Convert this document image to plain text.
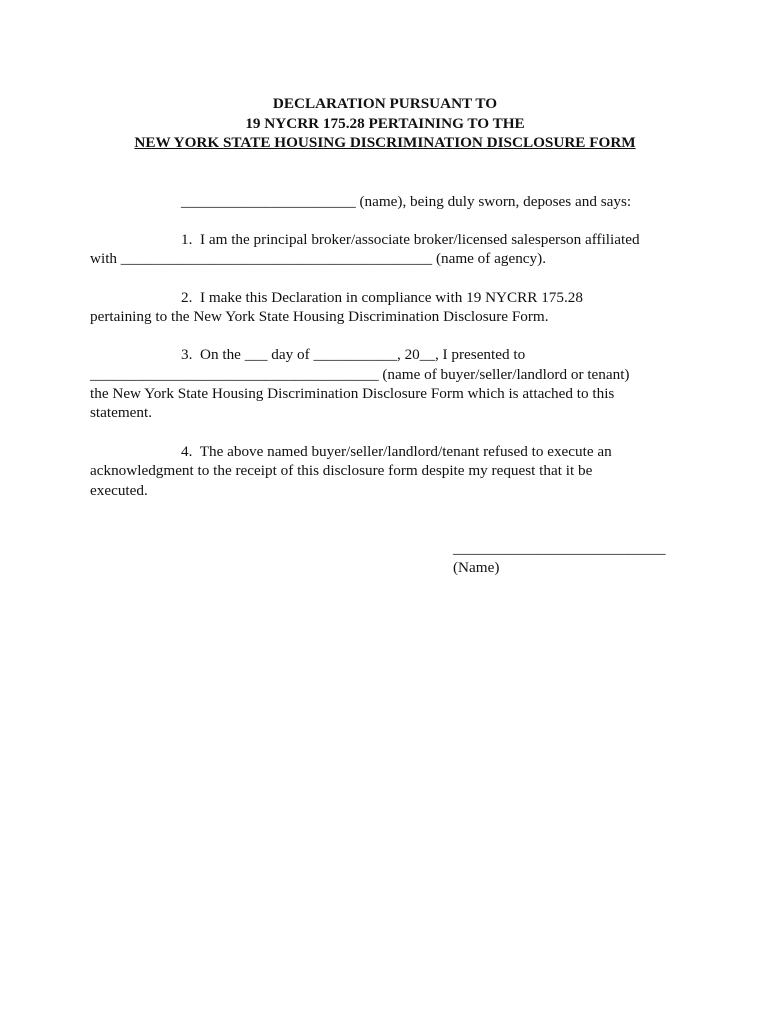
DECLARATION PURSUANT TO
19 NYCRR 175.28 PERTAINING TO THE
NEW YORK STATE HOUSING DISCRIMINATION DISCLOSURE FORM
_______________________ (name), being duly sworn, deposes and says:
1.  I am the principal broker/associate broker/licensed salesperson affiliated
with _________________________________________ (name of agency).
2.  I make this Declaration in compliance with 19 NYCRR 175.28
pertaining to the New York State Housing Discrimination Disclosure Form.
3.  On the ___ day of ___________, 20__, I presented to
______________________________________ (name of buyer/seller/landlord or tenant)
the New York State Housing Discrimination Disclosure Form which is attached to this
statement.
4.  The above named buyer/seller/landlord/tenant refused to execute an
acknowledgment to the receipt of this disclosure form despite my request that it be
executed.
____________________________
(Name)
